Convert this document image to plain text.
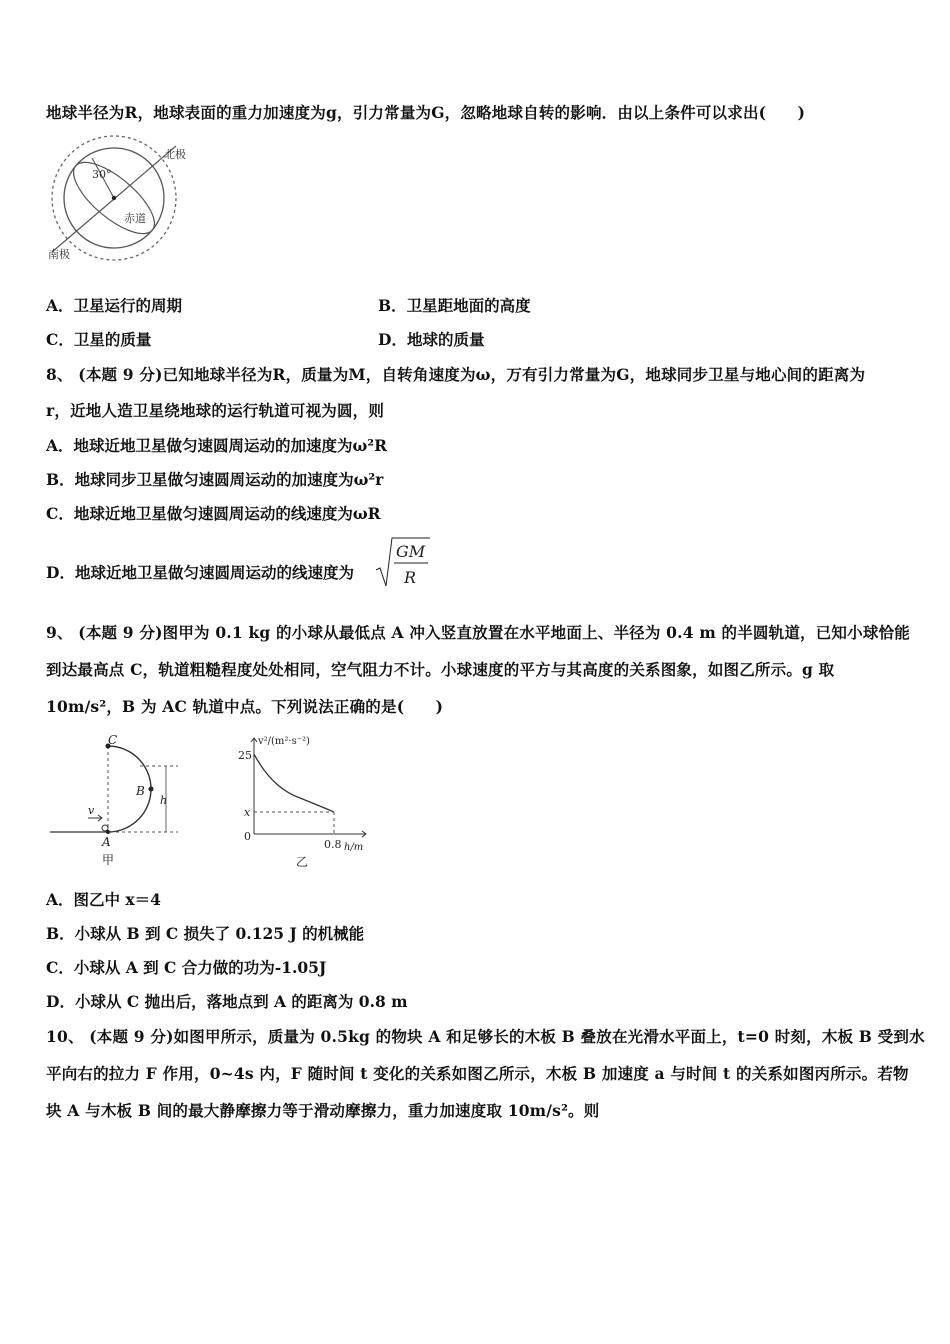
地球半径为R，地球表面的重力加速度为g，引力常量为G，忽略地球自转的影响．由以上条件可以求出(　　)
北极
南极
赤道
30°
A．卫星运行的周期	B．卫星距地面的高度
C．卫星的质量	D．地球的质量
8、 (本题 9 分)已知地球半径为R，质量为M，自转角速度为ω，万有引力常量为G，地球同步卫星与地心间的距离为
r，近地人造卫星绕地球的运行轨道可视为圆，则
A．地球近地卫星做匀速圆周运动的加速度为ω²R
B．地球同步卫星做匀速圆周运动的加速度为ω²r
C．地球近地卫星做匀速圆周运动的线速度为ωR
D．地球近地卫星做匀速圆周运动的线速度为
GM
R
9、 (本题 9 分)图甲为 0.1 kg 的小球从最低点 A 冲入竖直放置在水平地面上、半径为 0.4 m 的半圆轨道，已知小球恰能
到达最高点 C，轨道粗糙程度处处相同，空气阻力不计。小球速度的平方与其高度的关系图象，如图乙所示。g 取
10m/s²，B 为 AC 轨道中点。下列说法正确的是(　　)
C
B
A
v
h
甲
v²/(m²·s⁻²)
25
x
0
0.8 h/m
乙
A．图乙中 x＝4
B．小球从 B 到 C 损失了 0.125 J 的机械能
C．小球从 A 到 C 合力做的功为-1.05J
D．小球从 C 抛出后，落地点到 A 的距离为 0.8 m
10、 (本题 9 分)如图甲所示，质量为 0.5kg 的物块 A 和足够长的木板 B 叠放在光滑水平面上，t=0 时刻，木板 B 受到水
平向右的拉力 F 作用，0~4s 内，F 随时间 t 变化的关系如图乙所示，木板 B 加速度 a 与时间 t 的关系如图丙所示。若物
块 A 与木板 B 间的最大静摩擦力等于滑动摩擦力，重力加速度取 10m/s²。则
